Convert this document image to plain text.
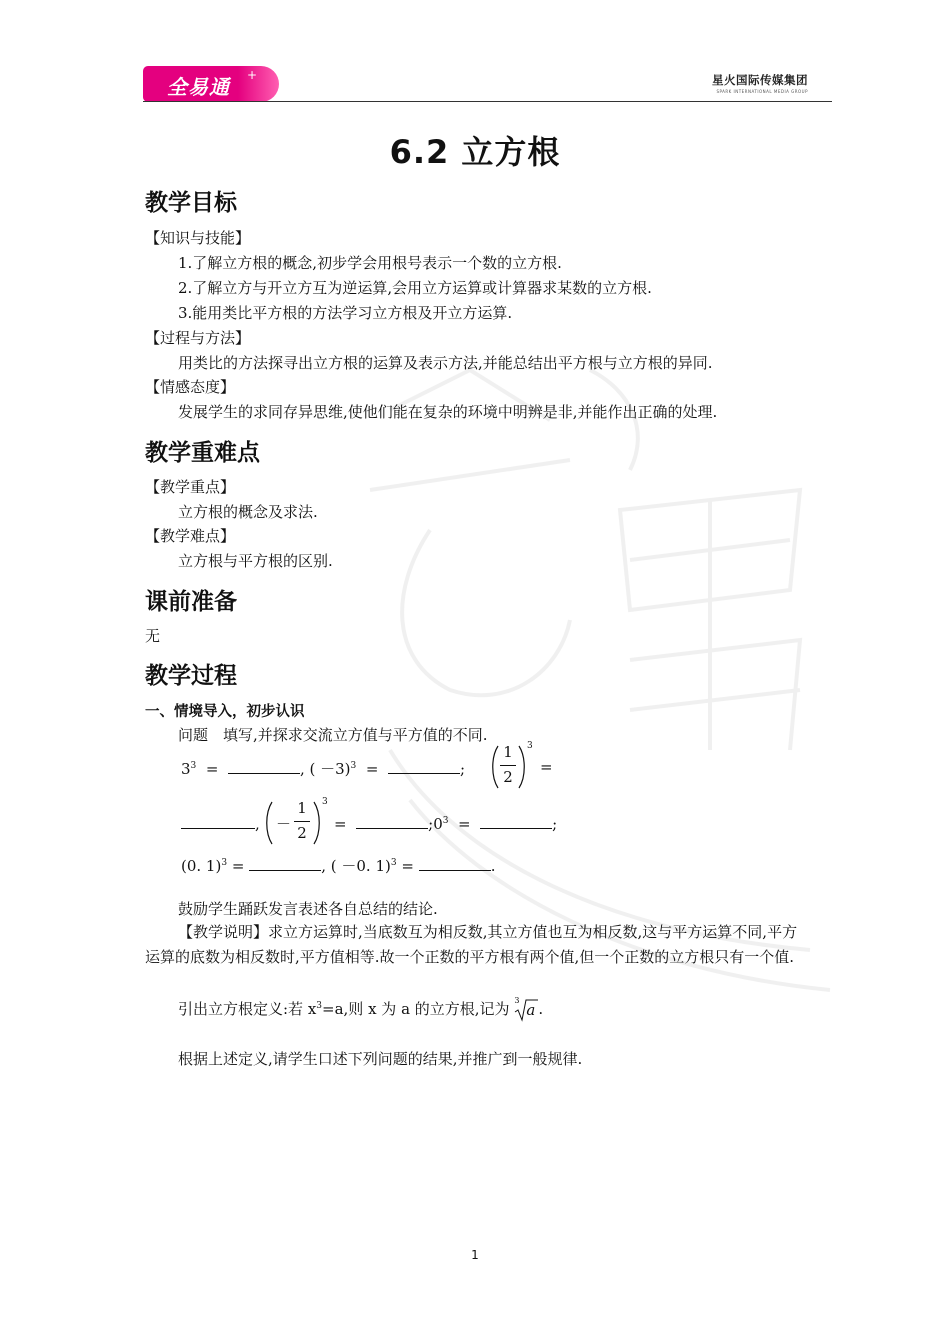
全易通 +	星火国际传媒集团
SPARK INTERNATIONAL MEDIA GROUP
6.2 立方根
教学目标
【知识与技能】
1.了解立方根的概念,初步学会用根号表示一个数的立方根.
2.了解立方与开立方互为逆运算,会用立方运算或计算器求某数的立方根.
3.能用类比平方根的方法学习立方根及开立方运算.
【过程与方法】
用类比的方法探寻出立方根的运算及表示方法,并能总结出平方根与立方根的异同.
【情感态度】
发展学生的求同存异思维,使他们能在复杂的环境中明辨是非,并能作出正确的处理.
教学重难点
【教学重点】
立方根的概念及求法.
【教学难点】
立方根与平方根的区别.
课前准备
无
教学过程
一、情境导入，初步认识
问题　填写,并探求交流立方值与平方值的不同.
$3^3$ =	, ( －3)$^3$ =	;
1
2
3
=
, －
1
2
3
=	$;0^3$ =	;
(0. 1)$^3$ =	, ( －0. 1)$^3$ =	.
鼓励学生踊跃发言表述各自总结的结论.
【教学说明】求立方运算时,当底数互为相反数,其立方值也互为相反数,这与平方运算不同,平方运算的底数为相反数时,平方值相等.故一个正数的平方根有两个值,但一个正数的立方根只有一个值.
引出立方根定义:若 $x^3=a$,则 x 为 a 的立方根,记为 3
a .
根据上述定义,请学生口述下列问题的结果,并推广到一般规律.
1
